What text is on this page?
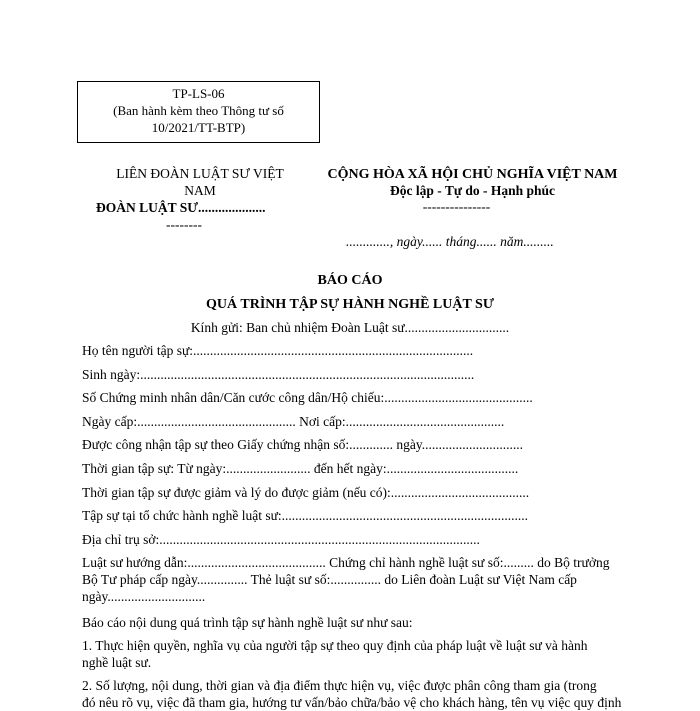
TP-LS-06
(Ban hành kèm theo Thông tư số
10/2021/TT-BTP)
LIÊN ĐOÀN LUẬT SƯ VIỆT
NAM
ĐOÀN LUẬT SƯ....................
--------
CỘNG HÒA XÃ HỘI CHỦ NGHĨA VIỆT NAM
Độc lập - Tự do - Hạnh phúc
---------------
............., ngày...... tháng...... năm.........
BÁO CÁO
QUÁ TRÌNH TẬP SỰ HÀNH NGHỀ LUẬT SƯ
Kính gửi: Ban chủ nhiệm Đoàn Luật sư...............................
Họ tên người tập sự:...................................................................................
Sinh ngày:...................................................................................................
Số Chứng minh nhân dân/Căn cước công dân/Hộ chiếu:............................................
Ngày cấp:............................................... Nơi cấp:...............................................
Được công nhận tập sự theo Giấy chứng nhận số:............. ngày..............................
Thời gian tập sự: Từ ngày:......................... đến hết ngày:.......................................
Thời gian tập sự được giảm và lý do được giảm (nếu có):.........................................
Tập sự tại tổ chức hành nghề luật sư:.........................................................................
Địa chỉ trụ sở:...............................................................................................
Luật sư hướng dẫn:......................................... Chứng chỉ hành nghề luật sư số:......... do Bộ trưởng
Bộ Tư pháp cấp ngày............... Thẻ luật sư số:............... do Liên đoàn Luật sư Việt Nam cấp
ngày.............................
Báo cáo nội dung quá trình tập sự hành nghề luật sư như sau:
1. Thực hiện quyền, nghĩa vụ của người tập sự theo quy định của pháp luật về luật sư và hành
nghề luật sư.
2. Số lượng, nội dung, thời gian và địa điểm thực hiện vụ, việc được phân công tham gia (trong
đó nêu rõ vụ, việc đã tham gia, hướng tư vấn/bảo chữa/bảo vệ cho khách hàng, tên vụ việc quy định
